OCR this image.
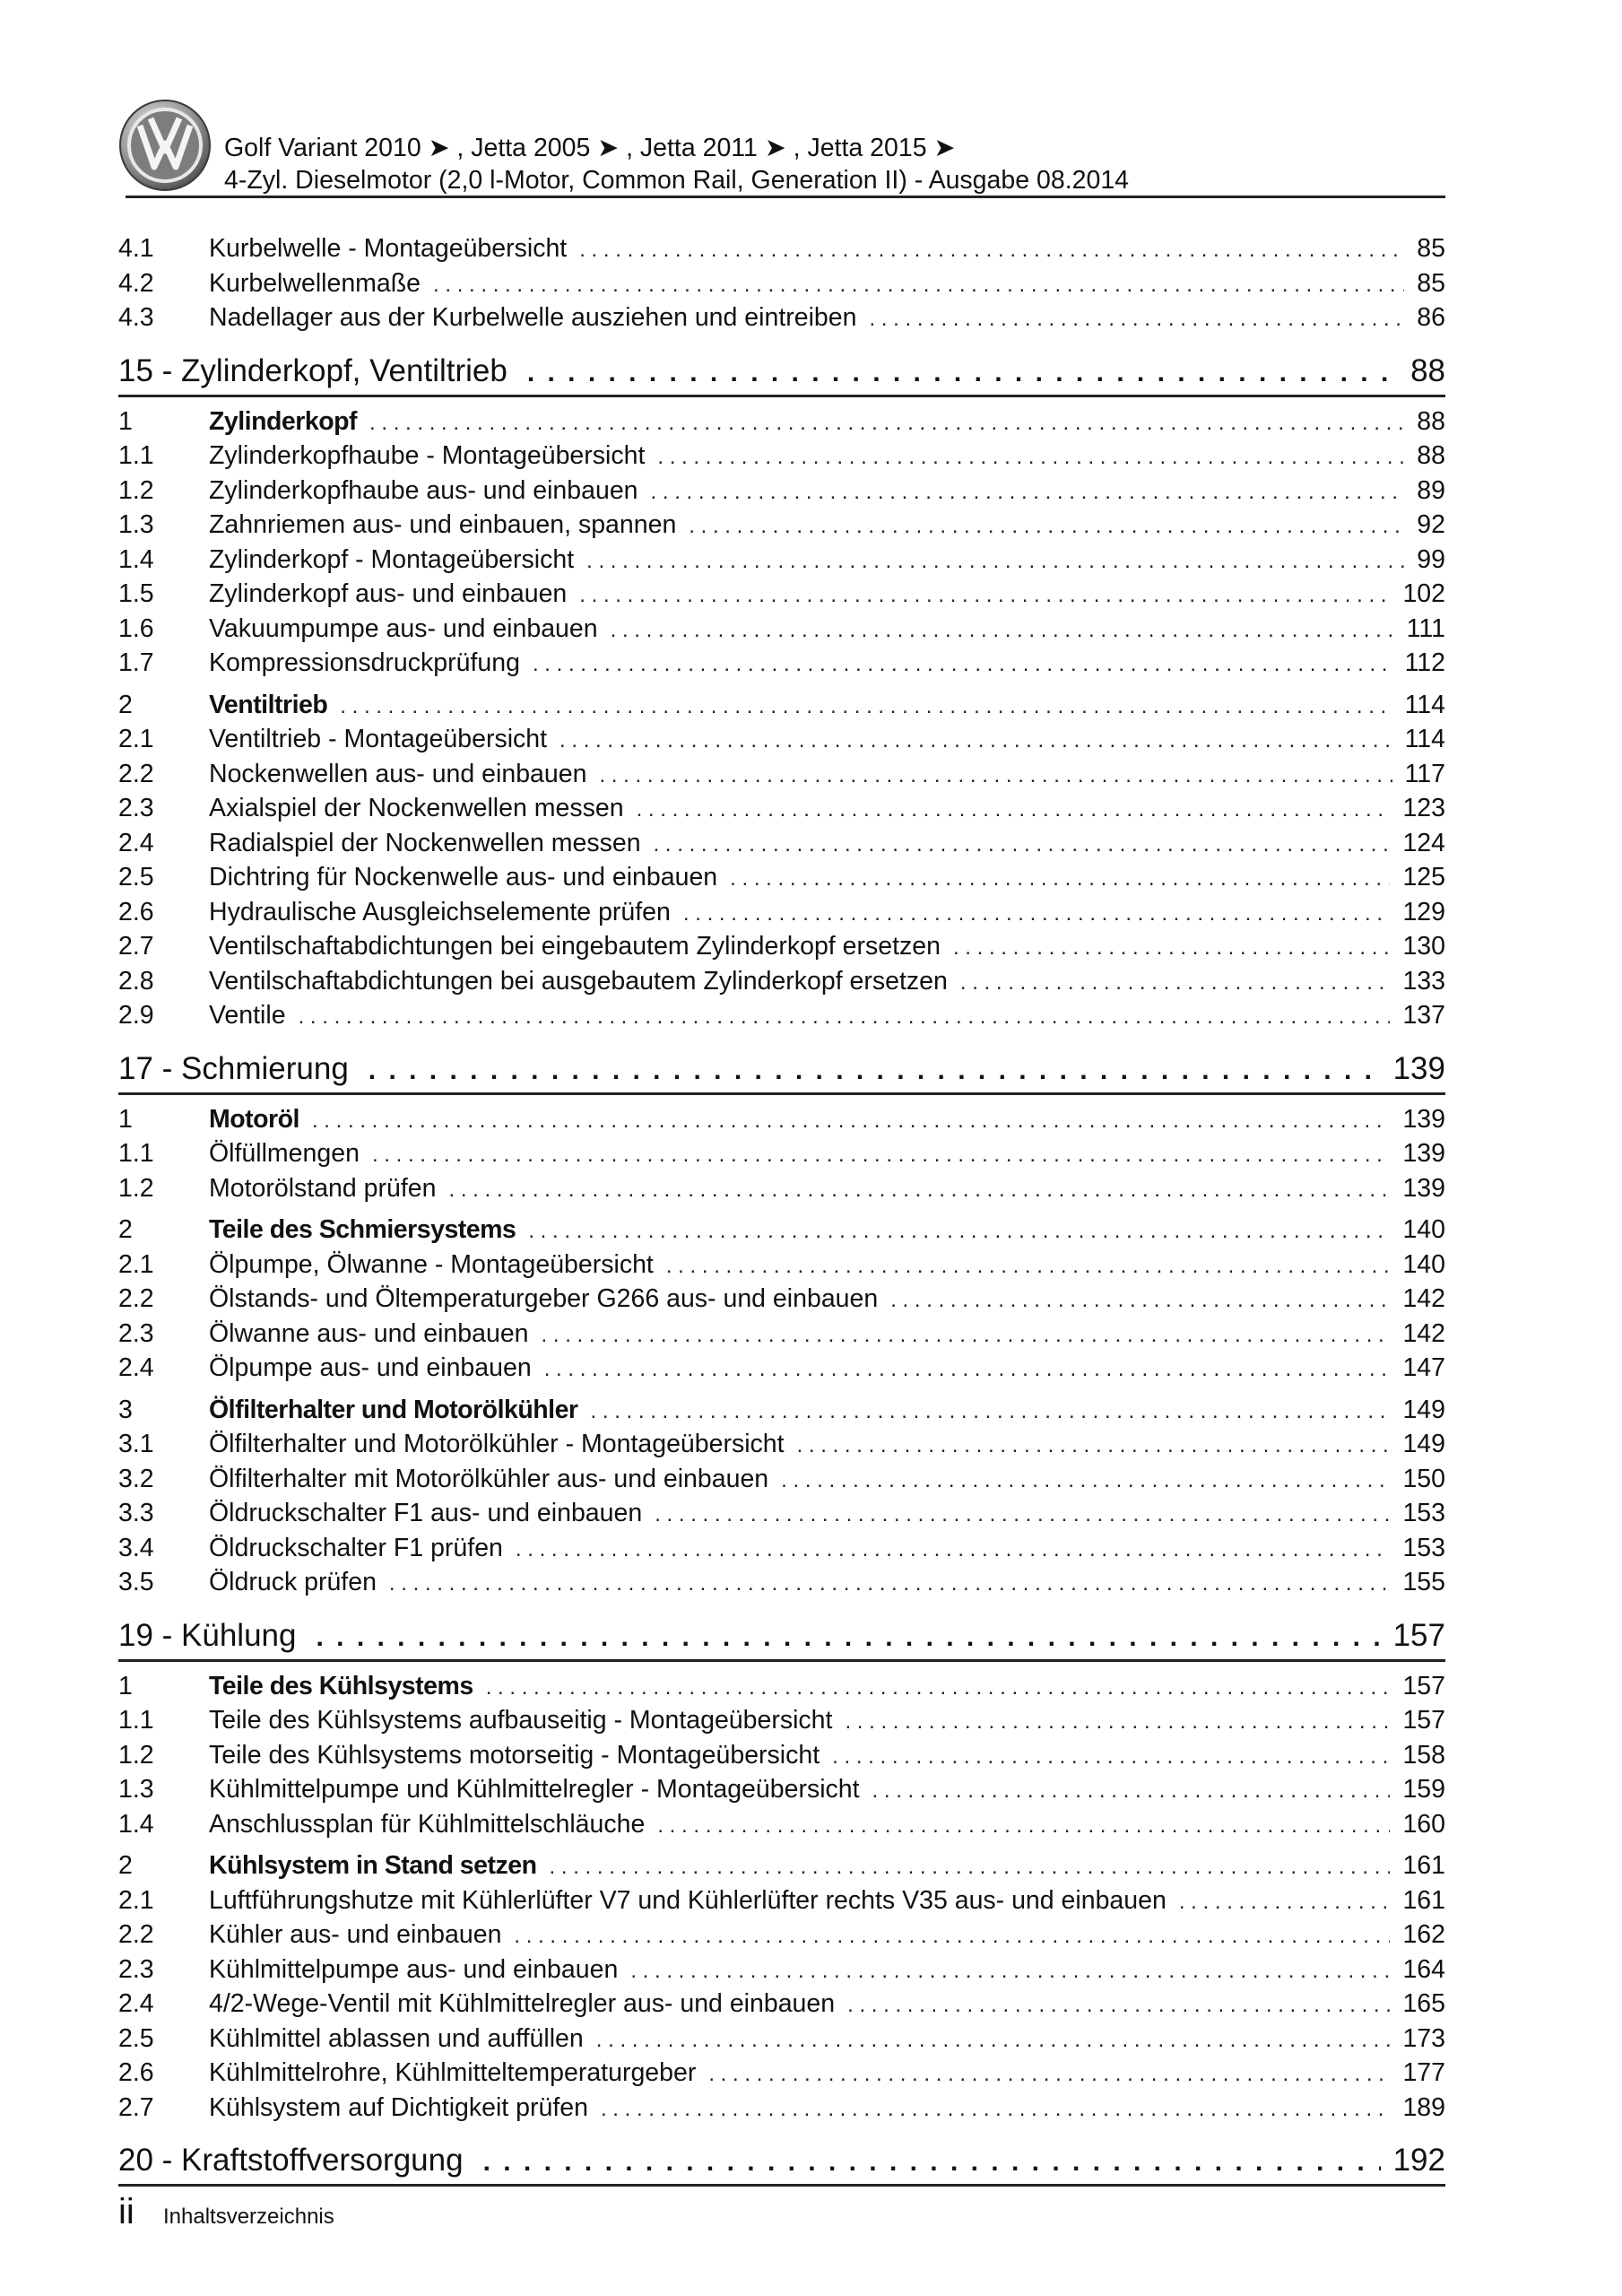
Golf Variant 2010 ➤ , Jetta 2005 ➤ , Jetta 2011 ➤ , Jetta 2015 ➤
4-Zyl. Dieselmotor (2,0 l-Motor, Common Rail, Generation II) - Ausgabe 08.2014
4.1	Kurbelwelle - Montageübersicht . . .	85
4.2	Kurbelwellenmaße . . .	85
4.3	Nadellager aus der Kurbelwelle ausziehen und eintreiben . . .	86
15 - Zylinderkopf, Ventiltrieb . . .	88
1	Zylinderkopf . . .	88
1.1	Zylinderkopfhaube - Montageübersicht . . .	88
1.2	Zylinderkopfhaube aus- und einbauen . . .	89
1.3	Zahnriemen aus- und einbauen, spannen . . .	92
1.4	Zylinderkopf - Montageübersicht . . .	99
1.5	Zylinderkopf aus- und einbauen . . .	102
1.6	Vakuumpumpe aus- und einbauen . . .	111
1.7	Kompressionsdruckprüfung . . .	112
2	Ventiltrieb . . .	114
2.1	Ventiltrieb - Montageübersicht . . .	114
2.2	Nockenwellen aus- und einbauen . . .	117
2.3	Axialspiel der Nockenwellen messen . . .	123
2.4	Radialspiel der Nockenwellen messen . . .	124
2.5	Dichtring für Nockenwelle aus- und einbauen . . .	125
2.6	Hydraulische Ausgleichselemente prüfen . . .	129
2.7	Ventilschaftabdichtungen bei eingebautem Zylinderkopf ersetzen . . .	130
2.8	Ventilschaftabdichtungen bei ausgebautem Zylinderkopf ersetzen . . .	133
2.9	Ventile . . .	137
17 - Schmierung . . .	139
1	Motoröl . . .	139
1.1	Ölfüllmengen . . .	139
1.2	Motorölstand prüfen . . .	139
2	Teile des Schmiersystems . . .	140
2.1	Ölpumpe, Ölwanne - Montageübersicht . . .	140
2.2	Ölstands- und Öltemperaturgeber G266 aus- und einbauen . . .	142
2.3	Ölwanne aus- und einbauen . . .	142
2.4	Ölpumpe aus- und einbauen . . .	147
3	Ölfilterhalter und Motorölkühler . . .	149
3.1	Ölfilterhalter und Motorölkühler - Montageübersicht . . .	149
3.2	Ölfilterhalter mit Motorölkühler aus- und einbauen . . .	150
3.3	Öldruckschalter F1 aus- und einbauen . . .	153
3.4	Öldruckschalter F1 prüfen . . .	153
3.5	Öldruck prüfen . . .	155
19 - Kühlung . . .	157
1	Teile des Kühlsystems . . .	157
1.1	Teile des Kühlsystems aufbauseitig - Montageübersicht . . .	157
1.2	Teile des Kühlsystems motorseitig - Montageübersicht . . .	158
1.3	Kühlmittelpumpe und Kühlmittelregler - Montageübersicht . . .	159
1.4	Anschlussplan für Kühlmittelschläuche . . .	160
2	Kühlsystem in Stand setzen . . .	161
2.1	Luftführungshutze mit Kühlerlüfter V7 und Kühlerlüfter rechts V35 aus- und einbauen . . .	161
2.2	Kühler aus- und einbauen . . .	162
2.3	Kühlmittelpumpe aus- und einbauen . . .	164
2.4	4/2-Wege-Ventil mit Kühlmittelregler aus- und einbauen . . .	165
2.5	Kühlmittel ablassen und auffüllen . . .	173
2.6	Kühlmittelrohre, Kühlmitteltemperaturgeber . . .	177
2.7	Kühlsystem auf Dichtigkeit prüfen . . .	189
20 - Kraftstoffversorgung . . .	192
ii Inhaltsverzeichnis
